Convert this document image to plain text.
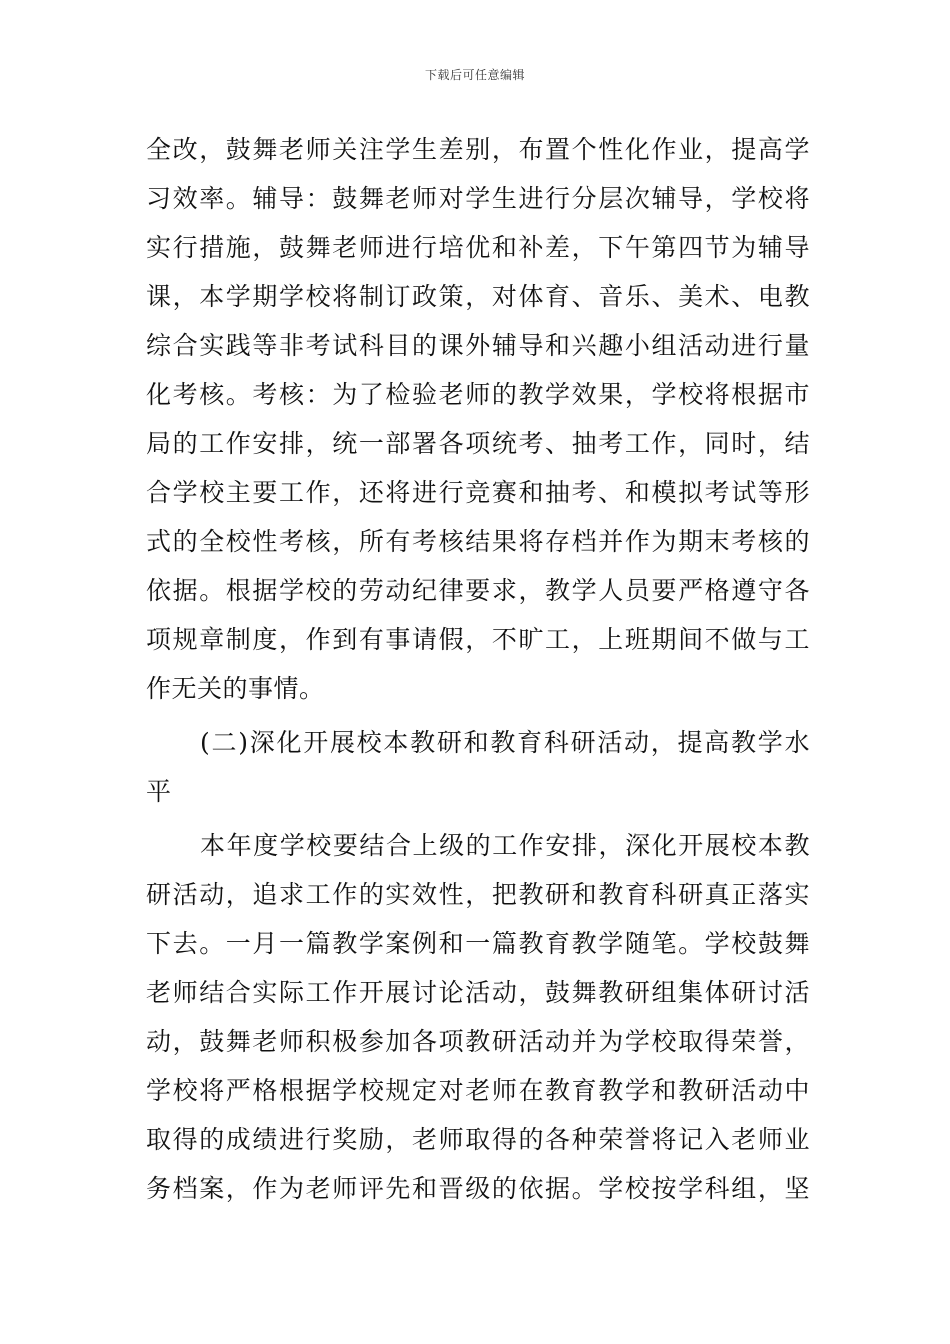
下载后可任意编辑
全改，鼓舞老师关注学生差别，布置个性化作业，提高学
习效率。辅导：鼓舞老师对学生进行分层次辅导，学校将
实行措施，鼓舞老师进行培优和补差，下午第四节为辅导
课，本学期学校将制订政策，对体育、音乐、美术、电教
综合实践等非考试科目的课外辅导和兴趣小组活动进行量
化考核。考核：为了检验老师的教学效果，学校将根据市
局的工作安排，统一部署各项统考、抽考工作，同时，结
合学校主要工作，还将进行竞赛和抽考、和模拟考试等形
式的全校性考核，所有考核结果将存档并作为期末考核的
依据。根据学校的劳动纪律要求，教学人员要严格遵守各
项规章制度，作到有事请假，不旷工，上班期间不做与工
作无关的事情。
(二)深化开展校本教研和教育科研活动，提高教学水
平
本年度学校要结合上级的工作安排，深化开展校本教
研活动，追求工作的实效性，把教研和教育科研真正落实
下去。一月一篇教学案例和一篇教育教学随笔。学校鼓舞
老师结合实际工作开展讨论活动，鼓舞教研组集体研讨活
动，鼓舞老师积极参加各项教研活动并为学校取得荣誉，
学校将严格根据学校规定对老师在教育教学和教研活动中
取得的成绩进行奖励，老师取得的各种荣誉将记入老师业
务档案，作为老师评先和晋级的依据。学校按学科组，坚
